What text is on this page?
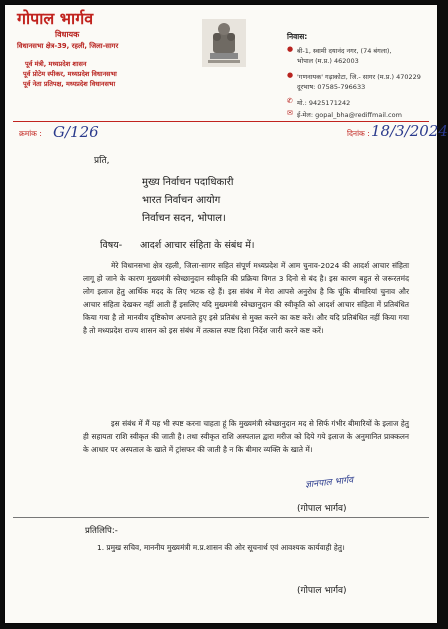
गोपाल भार्गव
विधायक
विधानसभा क्षेत्र-39, रहली, जिला-सागर
पूर्व मंत्री, मध्यप्रदेश शासन
पूर्व प्रोटेम स्पीकर, मध्यप्रदेश विधानसभा
पूर्व नेता प्रतिपक्ष, मध्यप्रदेश विधानसभा
निवास:
● बी-1, स्वामी दयानंद नगर, (74 बंगला),
भोपाल (म.प्र.) 462003
● 'गणनायक' गढ़ाकोटा, जि.- सागर (म.प्र.) 470229
दूरभाष: 07585-796633
✆ मो.: 9425171242
✉ ई-मेल: gopal_bha@rediffmail.com
क्रमांक : G/126	दिनांक : 18/3/2024
प्रति,
मुख्य निर्वाचन पदाधिकारी
भारत निर्वाचन आयोग
निर्वाचन सदन, भोपाल।
विषय- आदर्श आचार संहिता के संबंध में।
मेरे विधानसभा क्षेत्र रहली, जिला-सागर सहित संपूर्ण मध्यप्रदेश में आम चुनाव-2024 की आदर्श आचार संहिता लागू हो जाने के कारण मुख्यमंत्री स्वेच्छानुदान स्वीकृति की प्रक्रिया विगत 3 दिनो से बंद है। इस कारण बहुत से जरूरतमंद लोग इलाज हेतु आर्थिक मदद के लिए भटक रहे हैं। इस संबंध में मेरा आपसे अनुरोध है कि चूंकि बीमारियां चुनाव और आचार संहिता देखकर नहीं आती हैं इसलिए यदि मुख्यमंत्री स्वेच्छानुदान की स्वीकृति को आदर्श आचार संहिता में प्रतिबंधित किया गया है तो मानवीय दृष्टिकोण अपनाते हुए इसे प्रतिबंध से मुक्त करने का कष्ट करें। और यदि प्रतिबंधित नहीं किया गया है तो मध्यप्रदेश राज्य शासन को इस संबंध में तत्काल स्पष्ट दिशा निर्देश जारी करने कष्ट करें।
इस संबंध में मैं यह भी स्पष्ट करना चाहता हूं कि मुख्यमंत्री स्वेच्छानुदान मद से सिर्फ गंभीर बीमारियों के इलाज हेतु ही सहायता राशि स्वीकृत की जाती है। तथा स्वीकृत राशि अस्पताल द्वारा मरीज को दिये गये इलाज के अनुमानित प्राक्कलन के आधार पर अस्पताल के खाते में ट्रांसफर की जाती है न कि बीमार व्यक्ति के खाते में।
ज्ञानपाल भार्गव
(गोपाल भार्गव)
प्रतिलिपि:-
1. प्रमुख सचिव, माननीय मुख्यमंत्री म.प्र.शासन की ओर सूचनार्थ एवं आवश्यक कार्यवाही हेतु।
(गोपाल भार्गव)
